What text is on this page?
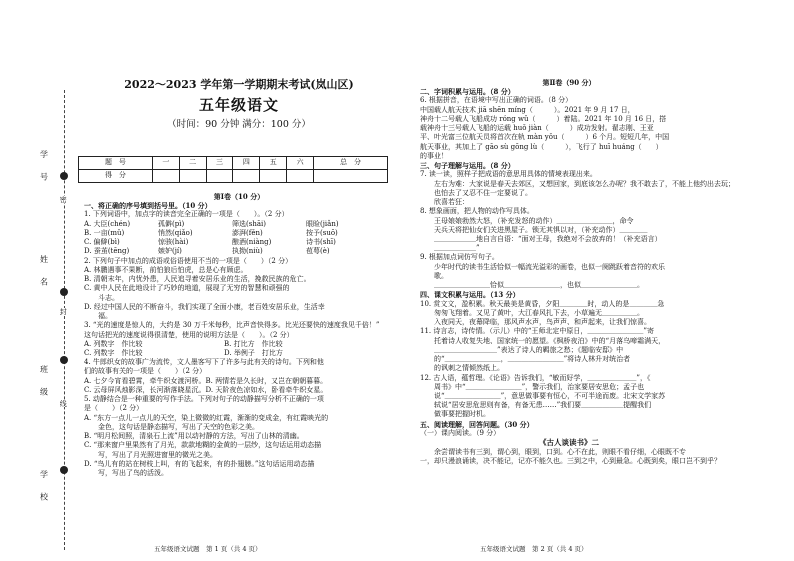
学 号
姓 名
班 级
学 校
密
封
线
2022～2023 学年第一学期期末考试(岚山区)
五年级语文
（时间：90 分钟 满分：100 分）
题　号	一	二	三	四	五	六	总　分
得　分							
第Ⅰ卷（10 分）
一、将正确的序号填到括号里。（10 分）
1. 下列词语中，加点字的读音完全正确的一项是（　　）。（2 分）
A. 大臣(chén)	孤僻(pì)	筛选(shāi)	眼睑(jiǎn)
B. 一亩(mǔ)	悄然(qiǎo)	澎湃(fěn)	按予(suō)
C. 偏僻(bì)	惊骇(hài)	酿酒(niàng)	诗书(shī)
D. 蚕茧(tēng)	嫉妒(jí)	执拗(niù)	苞萼(è)
2. 下列句子中加点的成语或俗语使用不当的一项是（　　）（2 分）
A. 林鹏遇事不果断，前怕狼后怕虎，总是心有顾虑。
B. 清朝末年，内忧外患，人民追寻着安居乐业的生活，挽救民族的危亡。
C. 黄中人民在此地设计了巧妙的地道，展现了无穷的智慧和顽强的
　　斗志。
D. 经过中国人民的不断奋斗，我们实现了全面小康，老百姓安居乐业，生活幸
　　福。
3. “光的速度是惊人的，大约是 30 万千米每秒，比声音快得多。比光还要快的速度我见千倍！”
这句话把光的速度说得很清楚，使用的说明方法是（　　）。（2 分）
A. 列数字　作比较	B. 打比方　作比较
C. 列数字　作比较	D. 举例子　打比方
4. 牛郎织女的故事广为流传，文人墨客写下了许多与此有关的诗句。下列和他
们的故事有关的一项是（　　）（2 分）
A. 七夕今宵看碧霄，牵牛织女渡河桥。B. 两情若是久长时，又岂在朝朝暮暮。
C. 云母屏风烛影深，长河渐落晓星沉。D. 天阶夜色凉如水，卧看牵牛织女星。
5. 动静结合是一种重要的写作手法。下列对句子的动静描写分析不正确的一项
是（　　）（2 分）
A. “东方一点儿一点儿的天空，染上微微的红霞，渐渐的变成金，有红霞映光的
　　金色，这句话是静态描写，写出了天空的色彩之美。
B. “明月松间照，清泉石上流”用以动衬静的方法，写出了山林的清幽。
C. “那来窗户里果然有了月光，款款地糊的金黄的一层纱，这句话运用动态描
　　写，写出了月光照进窗里的微光之美。
D. “鸟儿有的站在树枝上叫，有的飞起来，有的扑翅膀。”这句话运用动态描
　　写，写出了鸟的活泼。
五年级语文试题　第 1 页（共 4 页）
第Ⅱ卷（90 分）
二、字词积累与运用。（8 分）
6. 根据拼音，在语境中写出正确的词语。（8 分）
中国载人航天技术 jiā shēn míng（　　　）。2021 年 9 月 17 日，
神舟十二号载人飞船成功 róng wǔ（　　　）着陆。2021 年 10 月 16 日，搭
载神舟十三号载人飞船的运载 huǒ jiàn（　　　）成功发射。翟志刚、王亚
平、叶光富三位航天员将首次在轨 màn yǒu（　　　）6 个月。短短几年，中国
航天事业，其加上了 gāo sù gōng lù（　　　），飞行了 huī huáng（　　）
的事业！
三、句子理解与运用。（8 分）
7. 读一读，照样子把成语的意思用具体的情境表现出来。
　　左右为难：大家说是春天去郊区，又想回家，到底该怎么办呢？我不敢去了，不能上他约出去玩；
　　也怕去了又忍不住一定要说了。
　　欣喜若狂：
8. 想象画面，把人物的动作写具体。
　　王母娘娘勃然大怒，（补充发怒的动作）＿＿＿＿＿＿＿＿，命令
　　天兵天将把仙女们关进黑屋子。锁无其惧以对，（补充动作）＿＿＿＿
　　＿＿＿＿＿＿地自言自语：“面对王母，我绝对不会放弃的！（补充语言）
　　＿＿＿＿＿＿”
9. 根据加点词仿写句子。
　　少年时代的读书生活恰似一幅流光溢彩的画卷，也似一阕跳跃着音符的欢乐
　　歌。
　　＿＿＿＿＿＿＿＿恰似＿＿＿＿＿＿＿＿，也似＿＿＿＿＿＿＿＿。
四、课文积累与运用。（13 分）
10. 赏文文，盈积累。秋天最美是黄昏，夕阳＿＿＿＿时，动人的是＿＿＿＿急
　　匆匆飞翔着。又见了黄叶，大江春风扎下去，小草遍无＿＿＿＿＿。
　　入夜同天，夜幕降临，那风声水声，鸟声声、和声起来，让我们惊喜。
11. 诗言志，诗传情。（示儿）中的“王师北定中原日，＿＿＿＿＿＿＿＿”寄
　　托着诗人收复失地、国家统一的愿望。《枫桥夜泊》中的“月落乌啼霜满天，
　　＿＿＿＿＿＿＿＿＿”表达了诗人的羁旅之愁；《题临安邸》中
　　的“＿＿＿＿＿＿＿＿，＿＿＿＿＿＿＿＿”将诗人林升对统治者
　　的讽刺之情倾然纸上。
12. 古人语，蕴哲理。《论语》告诉我们，“敏而好学，＿＿＿＿＿＿＿”，《
　　周书》中“＿＿＿＿＿＿＿＿”，警示我们，治家要居安思危；孟子也
　　说“＿＿＿＿＿＿＿＿”，意思做事要有恒心，不可半途而废。北宋文学家苏
　　轼说“居安思危思则有备，有备无患……”我们要＿＿＿＿＿＿提醒我们
　　做事要把握时机。
五、阅读理解，回答问题。（30 分）
（一）课内阅读。（9 分）
《古人谈读书》二
　　余尝谓读书有三到，谓心到，眼到，口到。心不在此，则眼不看仔细，心眼既不专
一，却只漫浪诵读，决不能记，记亦不能久也。三到之中，心到最急。心既到矣，眼口岂不到乎？
五年级语文试题　第 2 页（共 4 页）
